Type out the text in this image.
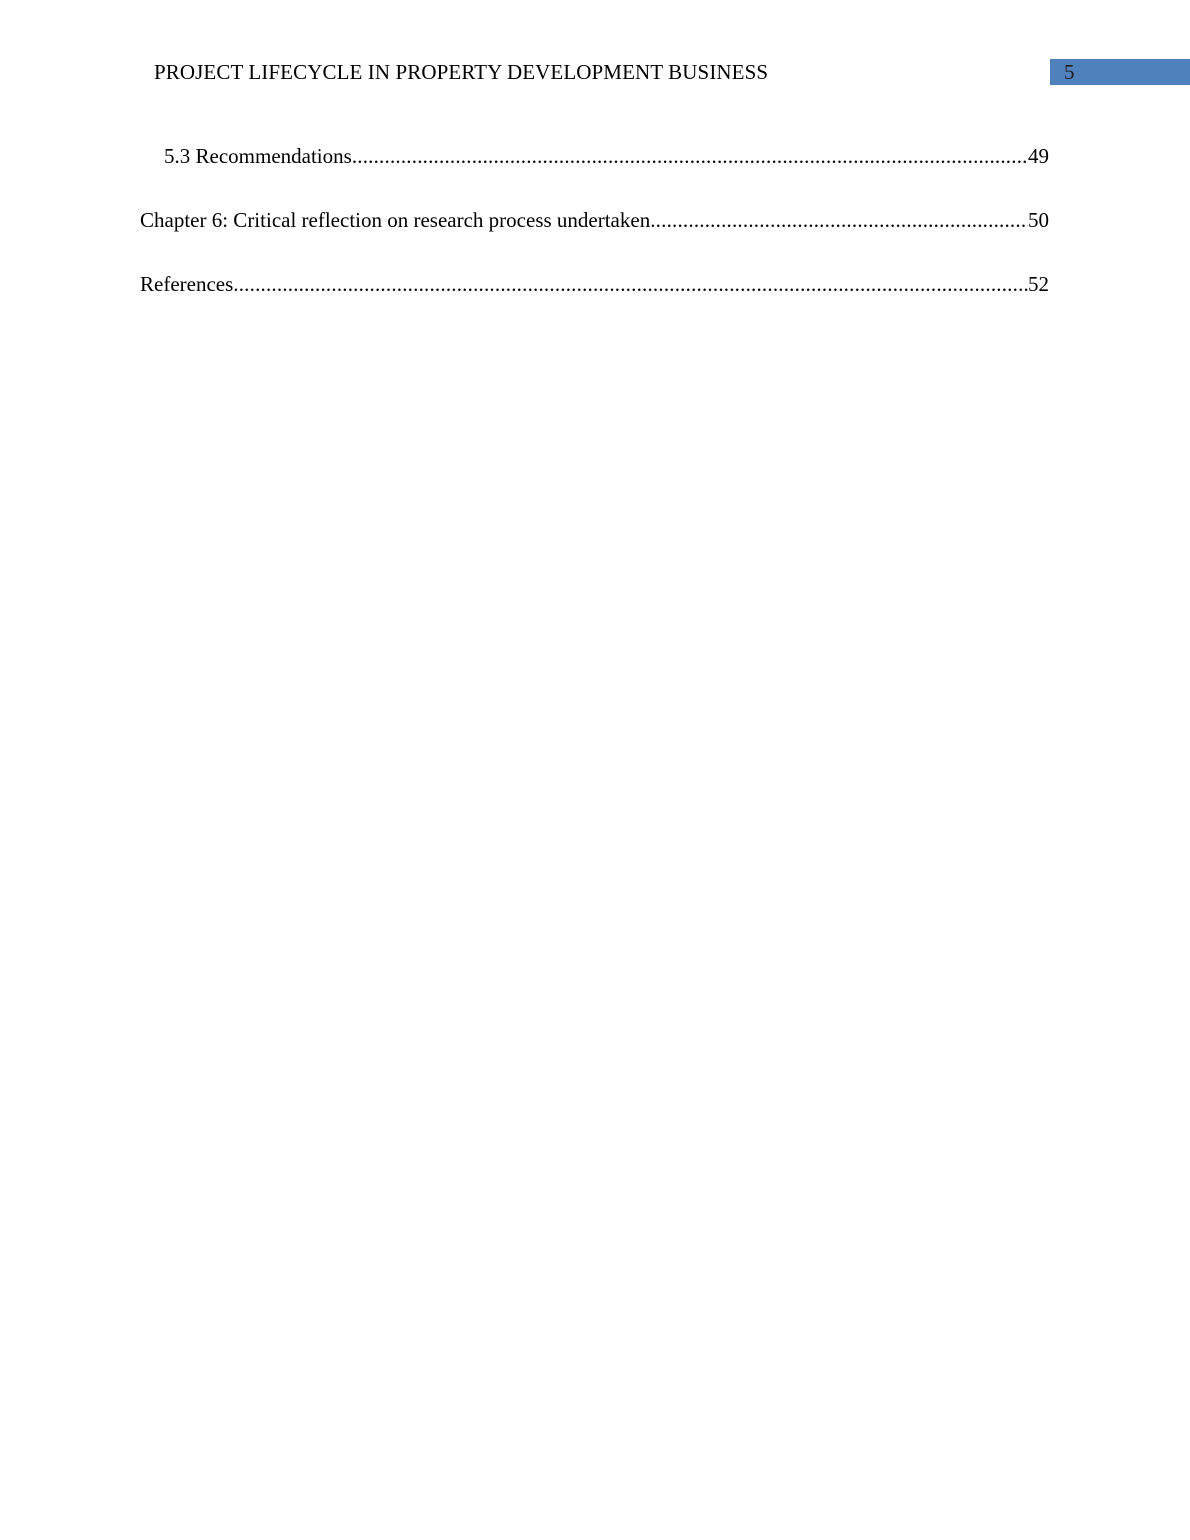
PROJECT LIFECYCLE IN PROPERTY DEVELOPMENT BUSINESS	5
5.3 Recommendations .....	49
Chapter 6: Critical reflection on research process undertaken .....	50
References .....	52
